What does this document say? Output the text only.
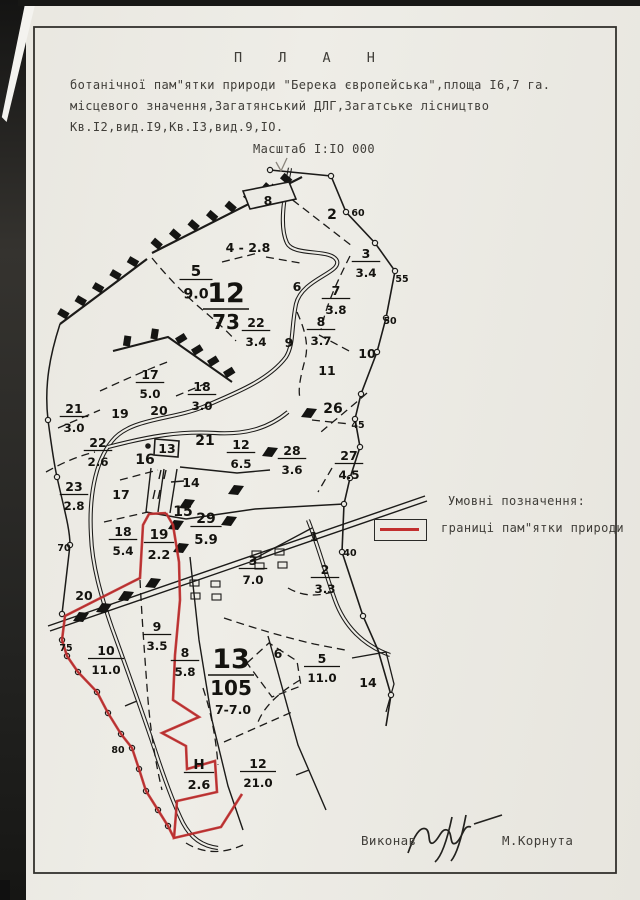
3
3.4
7
3.8
8
3.7
22
3.4
5
9.0
17
5.0	18
3.0
21
3.0
22
2.6
23
2.8
12
6.5
28
3.6
27
4.5
29
5.9
18
5.4
19
2.2
10
11.0
9
3.5 8
5.8
3
7.0
2
3.3
5
11.0
12
21.0
Н
2.6
12
73
13
105
7-7.0
8
2
4 - 2.8
6
9
10
11
26
21
13
16
14
15
19 20
17
20
1
6
14
60
55
50
45
40
70
75
80
П Л А Н
ботанічної пам"ятки природи "Берека європейська",площа I6,7 га.
місцевого значення,Загатянський ДЛГ,Загатське лісництво
Кв.I2,вид.I9,Кв.I3,вид.9,IO.
Масштаб I:IO 000
Умовні позначення:
границі пам"ятки природи
Виконав	М.Корнута
